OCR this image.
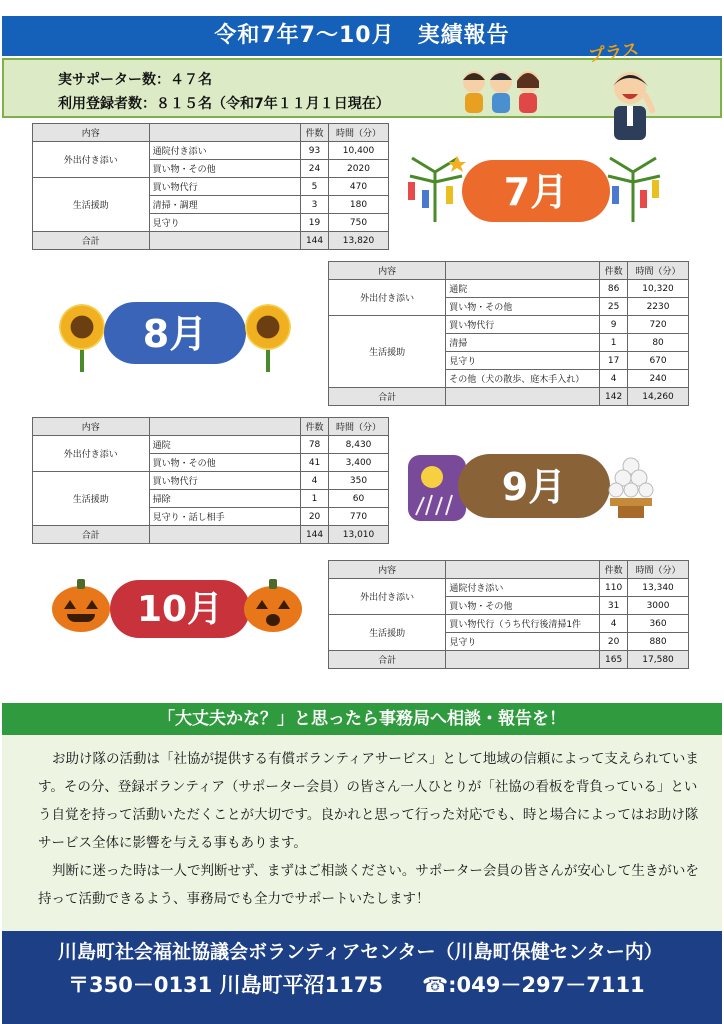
令和7年7～10月　実績報告
実サポーター数：４７名
利用登録者数：８１５名（令和7年１１月１日現在）
プラス
内容		件数	時間（分）
外出付き添い	通院付き添い	93	10,400
	買い物・その他	24	2020
生活援助	買い物代行	5	470
	清掃・調理	3	180
	見守り	19	750
合計		144	13,820
7月
内容		件数	時間（分）
外出付き添い	通院	86	10,320
	買い物・その他	25	2230
生活援助	買い物代行	9	720
	清掃	1	80
	見守り	17	670
	その他（犬の散歩、庭木手入れ）	4	240
合計		142	14,260
8月
内容		件数	時間（分）
外出付き添い	通院	78	8,430
	買い物・その他	41	3,400
生活援助	買い物代行	4	350
	掃除	1	60
	見守り・話し相手	20	770
合計		144	13,010
9月
10月
内容		件数	時間（分）
外出付き添い	通院付き添い	110	13,340
	買い物・その他	31	3000
生活援助	買い物代行（うち代行後清掃1件	4	360
	見守り	20	880
合計		165	17,580
「大丈夫かな？」と思ったら事務局へ相談・報告を！

お助け隊の活動は「社協が提供する有償ボランティアサービス」として地域の信頼によって支えられています。その分、登録ボランティア（サポーター会員）の皆さん一人ひとりが「社協の看板を背負っている」という自覚を持って活動いただくことが大切です。良かれと思って行った対応でも、時と場合によってはお助け隊サービス全体に影響を与える事もあります。

判断に迷った時は一人で判断せず、まずはご相談ください。サポーター会員の皆さんが安心して生きがいを持って活動できるよう、事務局でも全力でサポートいたします！

川島町社会福祉協議会ボランティアセンター（川島町保健センター内）
〒350－0131 川島町平沼1175 ☎:049－297－7111
